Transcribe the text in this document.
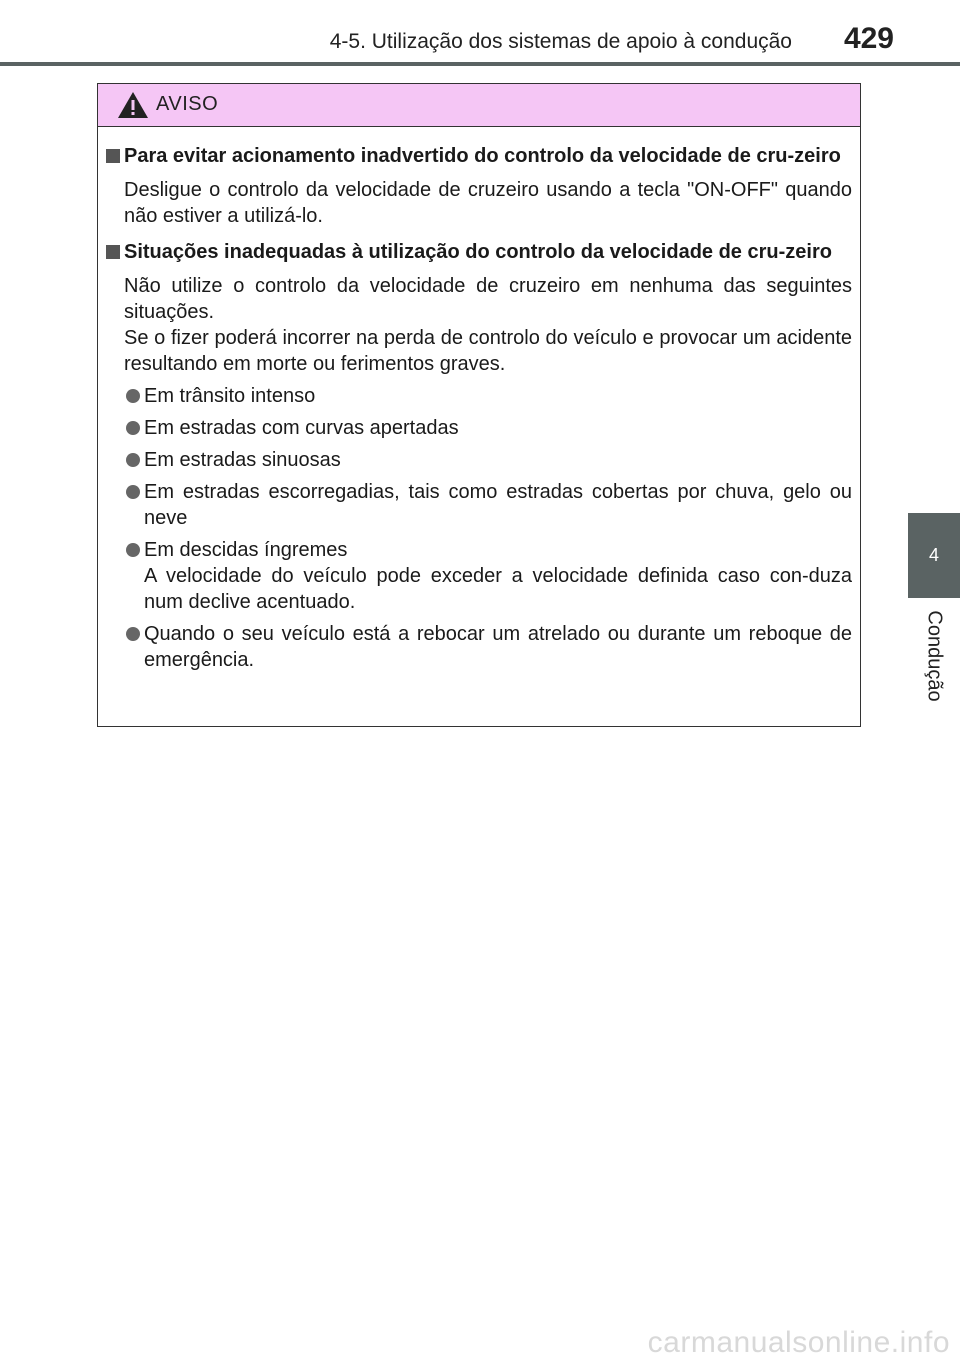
4-5. Utilização dos sistemas de apoio à condução 429
4
Condução
AVISO

Para evitar acionamento inadvertido do controlo da velocidade de cru-zeiro

Desligue o controlo da velocidade de cruzeiro usando a tecla "ON-OFF" quando não estiver a utilizá-lo.

Situações inadequadas à utilização do controlo da velocidade de cru-zeiro

Não utilize o controlo da velocidade de cruzeiro em nenhuma das seguintes situações.

Se o fizer poderá incorrer na perda de controlo do veículo e provocar um acidente resultando em morte ou ferimentos graves.

Em trânsito intenso

Em estradas com curvas apertadas

Em estradas sinuosas

Em estradas escorregadias, tais como estradas cobertas por chuva, gelo ou neve

Em descidas íngremes

A velocidade do veículo pode exceder a velocidade definida caso con-duza num declive acentuado.

Quando o seu veículo está a rebocar um atrelado ou durante um reboque de emergência.

carmanualsonline.info
